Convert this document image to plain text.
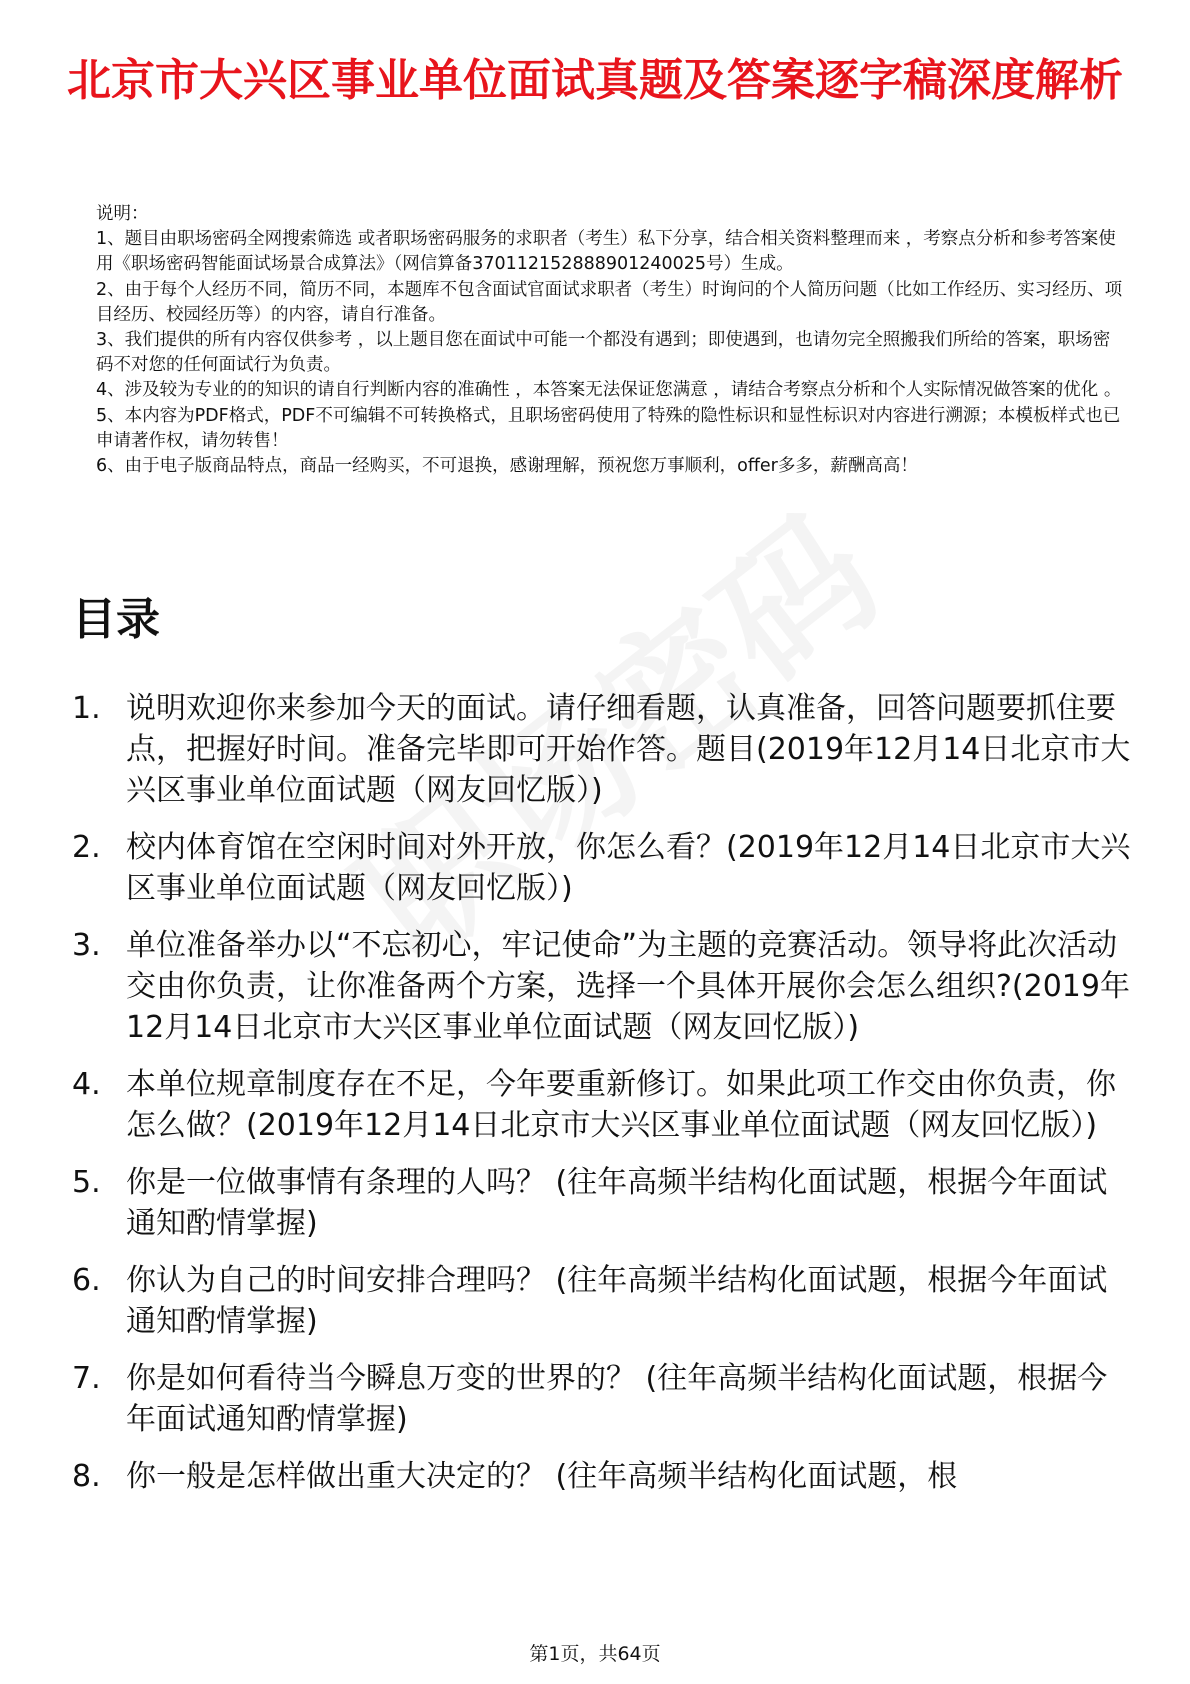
北京市大兴区事业单位面试真题及答案逐字稿深度解析

说明：

1、题目由职场密码全网搜索筛选 或者职场密码服务的求职者（考生）私下分享，结合相关资料整理而来 ，考察点分析和参考答案使用《职场密码智能面试场景合成算法》（网信算备370112152888901240025号）生成。

2、由于每个人经历不同，简历不同，本题库不包含面试官面试求职者（考生）时询问的个人简历问题（比如工作经历、实习经历、项目经历、校园经历等）的内容，请自行准备。

3、我们提供的所有内容仅供参考 ，以上题目您在面试中可能一个都没有遇到；即使遇到，也请勿完全照搬我们所给的答案，职场密码不对您的任何面试行为负责。

4、涉及较为专业的的知识的请自行判断内容的准确性 ，本答案无法保证您满意 ，请结合考察点分析和个人实际情况做答案的优化 。

5、本内容为PDF格式，PDF不可编辑不可转换格式，且职场密码使用了特殊的隐性标识和显性标识对内容进行溯源；本模板样式也已申请著作权，请勿转售！

6、由于电子版商品特点，商品一经购买，不可退换，感谢理解，预祝您万事顺利，offer多多，薪酬高高！

目录
1. 说明欢迎你来参加今天的面试。请仔细看题，认真准备，回答问题要抓住要点，把握好时间。准备完毕即可开始作答。题目(2019年12月14日北京市大兴区事业单位面试题（网友回忆版）)
2. 校内体育馆在空闲时间对外开放，你怎么看？(2019年12月14日北京市大兴区事业单位面试题（网友回忆版）)
3. 单位准备举办以“不忘初心，牢记使命”为主题的竞赛活动。领导将此次活动交由你负责，让你准备两个方案，选择一个具体开展你会怎么组织?(2019年12月14日北京市大兴区事业单位面试题（网友回忆版）)
4. 本单位规章制度存在不足，今年要重新修订。如果此项工作交由你负责，你怎么做？(2019年12月14日北京市大兴区事业单位面试题（网友回忆版）)
5. 你是一位做事情有条理的人吗？ (往年高频半结构化面试题，根据今年面试通知酌情掌握)
6. 你认为自己的时间安排合理吗？ (往年高频半结构化面试题，根据今年面试通知酌情掌握)
7. 你是如何看待当今瞬息万变的世界的？ (往年高频半结构化面试题，根据今年面试通知酌情掌握)
8. 你一般是怎样做出重大决定的？ (往年高频半结构化面试题，根
第1页，共64页
